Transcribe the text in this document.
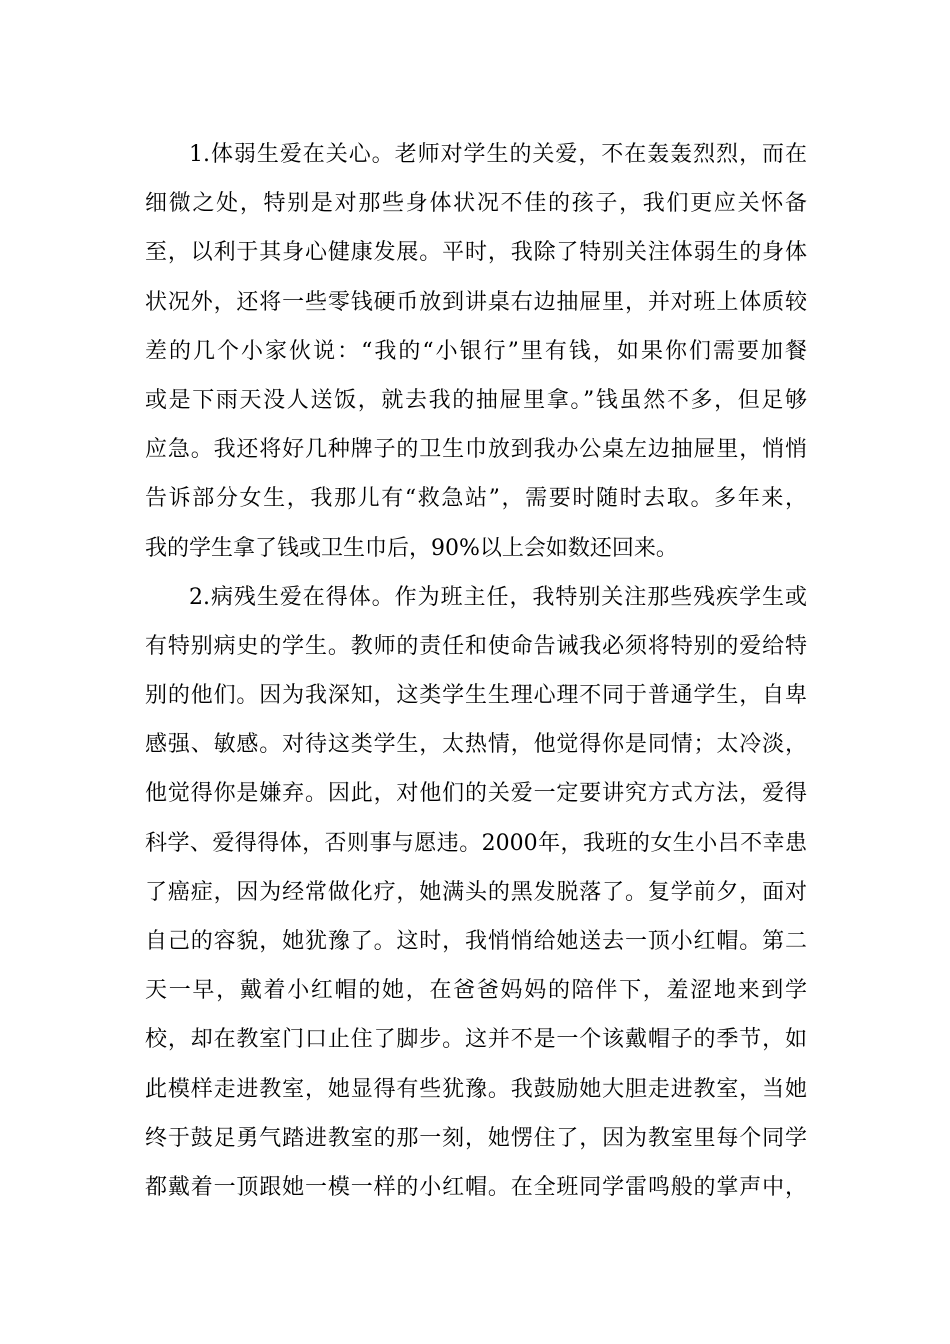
1.体弱生爱在关心。老师对学生的关爱，不在轰轰烈烈，而在
细微之处，特别是对那些身体状况不佳的孩子，我们更应关怀备
至，以利于其身心健康发展。平时，我除了特别关注体弱生的身体
状况外，还将一些零钱硬币放到讲桌右边抽屉里，并对班上体质较
差的几个小家伙说：“我的“小银行”里有钱，如果你们需要加餐
或是下雨天没人送饭，就去我的抽屉里拿。”钱虽然不多，但足够
应急。我还将好几种牌子的卫生巾放到我办公桌左边抽屉里，悄悄
告诉部分女生，我那儿有“救急站”，需要时随时去取。多年来，
我的学生拿了钱或卫生巾后，90%以上会如数还回来。
2.病残生爱在得体。作为班主任，我特别关注那些残疾学生或
有特别病史的学生。教师的责任和使命告诫我必须将特别的爱给特
别的他们。因为我深知，这类学生生理心理不同于普通学生，自卑
感强、敏感。对待这类学生，太热情，他觉得你是同情；太冷淡，
他觉得你是嫌弃。因此，对他们的关爱一定要讲究方式方法，爱得
科学、爱得得体，否则事与愿违。2000年，我班的女生小吕不幸患
了癌症，因为经常做化疗，她满头的黑发脱落了。复学前夕，面对
自己的容貌，她犹豫了。这时，我悄悄给她送去一顶小红帽。第二
天一早，戴着小红帽的她，在爸爸妈妈的陪伴下，羞涩地来到学
校，却在教室门口止住了脚步。这并不是一个该戴帽子的季节，如
此模样走进教室，她显得有些犹豫。我鼓励她大胆走进教室，当她
终于鼓足勇气踏进教室的那一刻，她愣住了，因为教室里每个同学
都戴着一顶跟她一模一样的小红帽。在全班同学雷鸣般的掌声中，
